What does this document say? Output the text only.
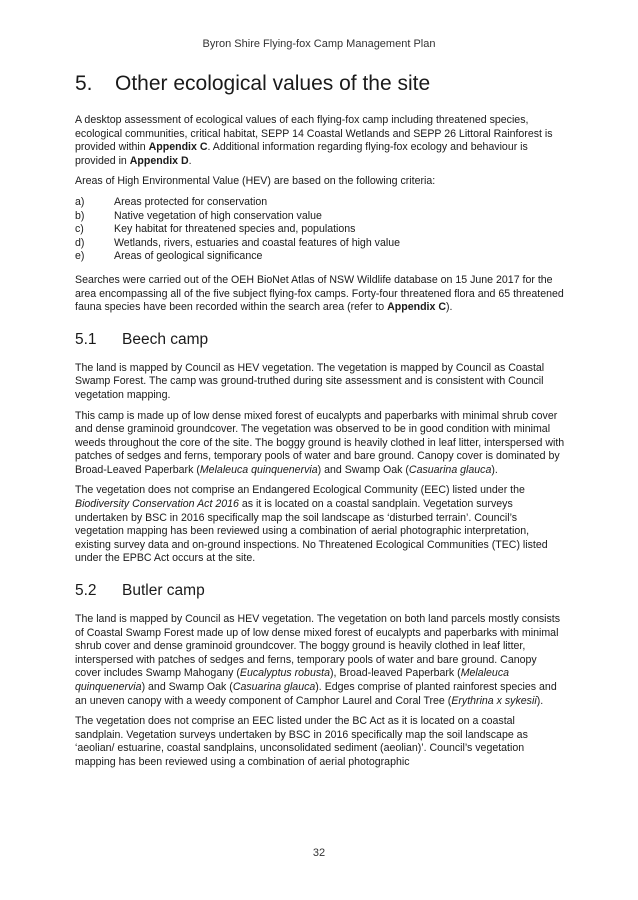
Byron Shire Flying-fox Camp Management Plan
5.	Other ecological values of the site

A desktop assessment of ecological values of each flying-fox camp including threatened species, ecological communities, critical habitat, SEPP 14 Coastal Wetlands and SEPP 26 Littoral Rainforest is provided within Appendix C. Additional information regarding flying-fox ecology and behaviour is provided in Appendix D.

Areas of High Environmental Value (HEV) are based on the following criteria:

a)	Areas protected for conservation
b)	Native vegetation of high conservation value
c)	Key habitat for threatened species and, populations
d)	Wetlands, rivers, estuaries and coastal features of high value
e)	Areas of geological significance

Searches were carried out of the OEH BioNet Atlas of NSW Wildlife database on 15 June 2017 for the area encompassing all of the five subject flying-fox camps. Forty-four threatened flora and 65 threatened fauna species have been recorded within the search area (refer to Appendix C).

5.1	Beech camp

The land is mapped by Council as HEV vegetation. The vegetation is mapped by Council as Coastal Swamp Forest. The camp was ground-truthed during site assessment and is consistent with Council vegetation mapping.

This camp is made up of low dense mixed forest of eucalypts and paperbarks with minimal shrub cover and dense graminoid groundcover. The vegetation was observed to be in good condition with minimal weeds throughout the core of the site. The boggy ground is heavily clothed in leaf litter, interspersed with patches of sedges and ferns, temporary pools of water and bare ground. Canopy cover is dominated by Broad-Leaved Paperbark (Melaleuca quinquenervia) and Swamp Oak (Casuarina glauca).

The vegetation does not comprise an Endangered Ecological Community (EEC) listed under the Biodiversity Conservation Act 2016 as it is located on a coastal sandplain. Vegetation surveys undertaken by BSC in 2016 specifically map the soil landscape as ‘disturbed terrain’. Council’s vegetation mapping has been reviewed using a combination of aerial photographic interpretation, existing survey data and on-ground inspections. No Threatened Ecological Communities (TEC) listed under the EPBC Act occurs at the site.

5.2	Butler camp

The land is mapped by Council as HEV vegetation. The vegetation on both land parcels mostly consists of Coastal Swamp Forest made up of low dense mixed forest of eucalypts and paperbarks with minimal shrub cover and dense graminoid groundcover. The boggy ground is heavily clothed in leaf litter, interspersed with patches of sedges and ferns, temporary pools of water and bare ground. Canopy cover includes Swamp Mahogany (Eucalyptus robusta), Broad-leaved Paperbark (Melaleuca quinquenervia) and Swamp Oak (Casuarina glauca). Edges comprise of planted rainforest species and an uneven canopy with a weedy component of Camphor Laurel and Coral Tree (Erythrina x sykesii).

The vegetation does not comprise an EEC listed under the BC Act as it is located on a coastal sandplain. Vegetation surveys undertaken by BSC in 2016 specifically map the soil landscape as ‘aeolian/ estuarine, coastal sandplains, unconsolidated sediment (aeolian)’. Council’s vegetation mapping has been reviewed using a combination of aerial photographic

32
